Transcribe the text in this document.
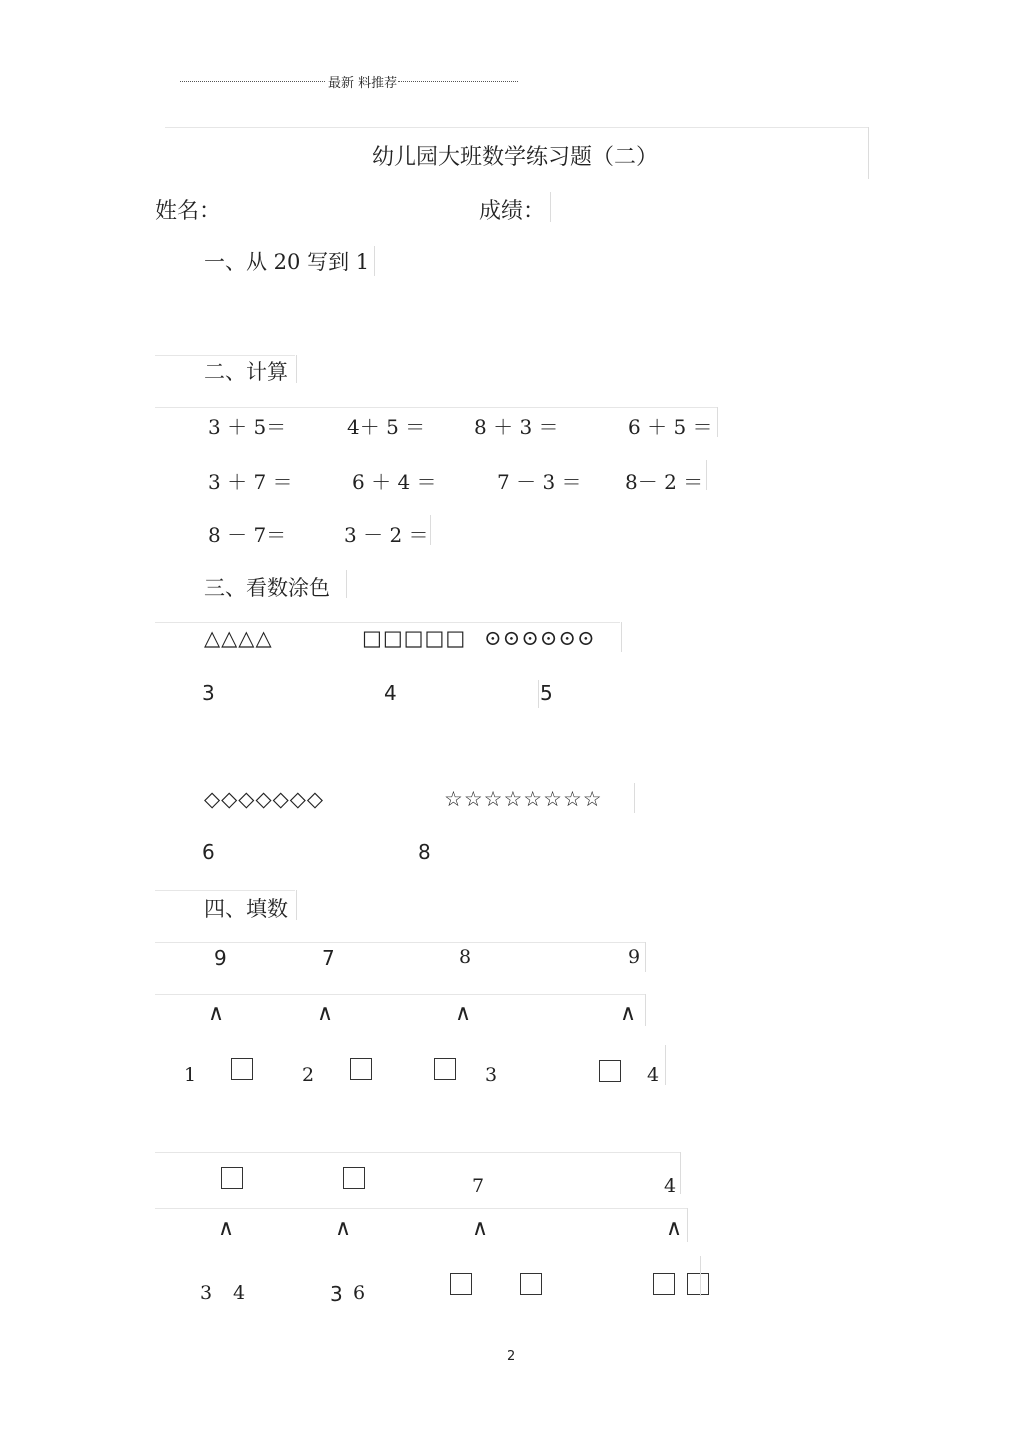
最新 料推荐
幼儿园大班数学练习题（二）
姓名：	成绩：
一、从 20 写到 1
二、计算
3 ＋ 5＝	4＋ 5 ＝ 8 ＋ 3 ＝	6 ＋ 5 ＝
3 ＋ 7 ＝	6 ＋ 4 ＝	7 － 3 ＝ 8－ 2 ＝
8 － 7＝	3 － 2 ＝
三、看数涂色
△△△△	□□□□□ ⊙⊙⊙⊙⊙⊙
3	4	5
◇◇◇◇◇◇◇	☆☆☆☆☆☆☆☆
6	8
四、填数
9	7	8	9
∧	∧	∧	∧
1	2	3	4
7	4
∧	∧	∧	∧
3 4	3 6
2
